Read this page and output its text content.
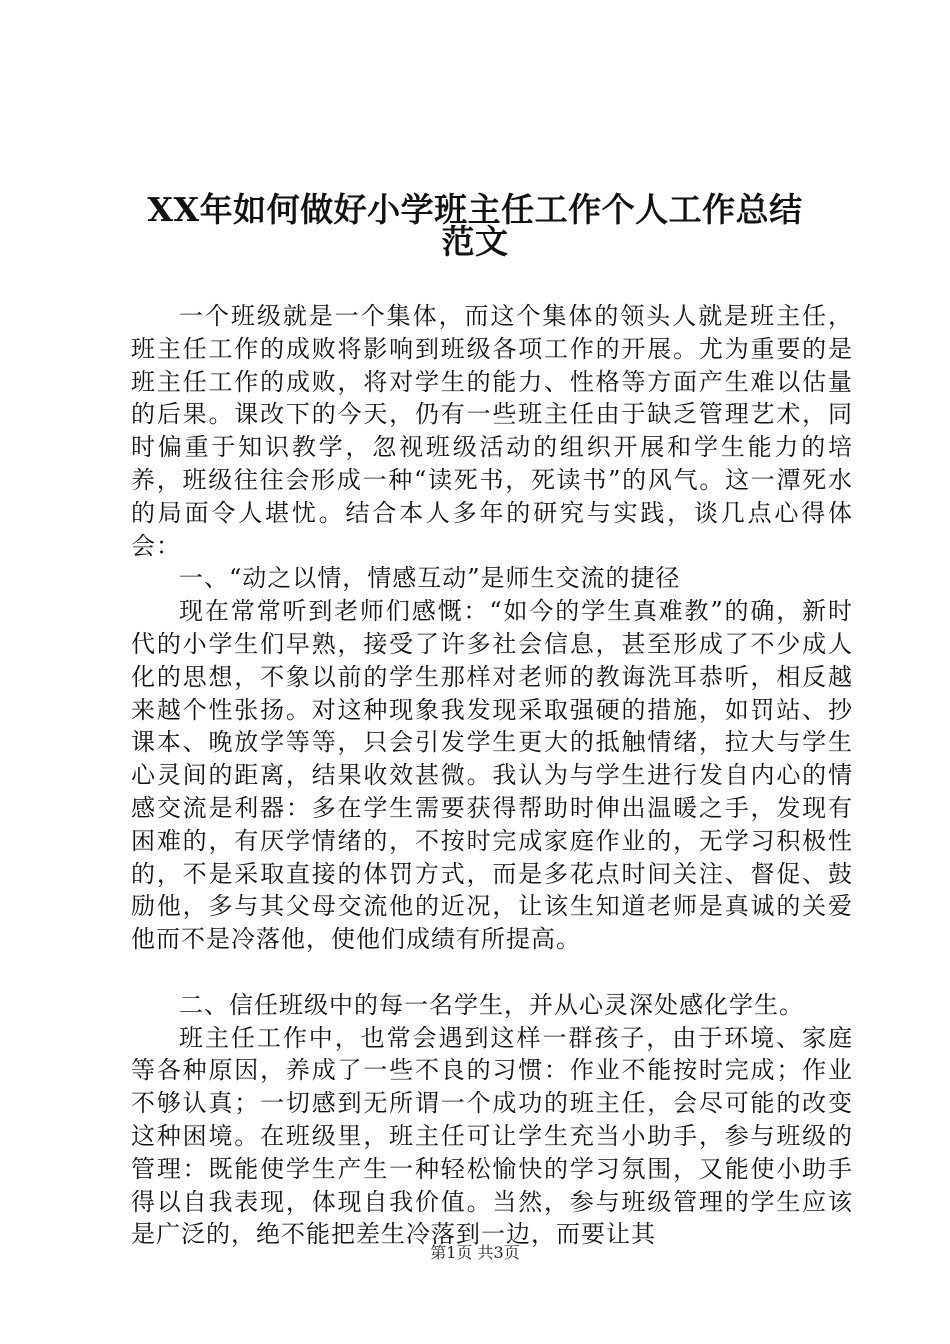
XX年如何做好小学班主任工作个人工作总结
范文

一个班级就是一个集体，而这个集体的领头人就是班主任，班主任工作的成败将影响到班级各项工作的开展。尤为重要的是班主任工作的成败，将对学生的能力、性格等方面产生难以估量的后果。课改下的今天，仍有一些班主任由于缺乏管理艺术，同时偏重于知识教学，忽视班级活动的组织开展和学生能力的培养，班级往往会形成一种“读死书，死读书”的风气。这一潭死水的局面令人堪忧。结合本人多年的研究与实践，谈几点心得体会：

一、“动之以情，情感互动”是师生交流的捷径

现在常常听到老师们感慨：“如今的学生真难教”的确，新时代的小学生们早熟，接受了许多社会信息，甚至形成了不少成人化的思想，不象以前的学生那样对老师的教诲洗耳恭听，相反越来越个性张扬。对这种现象我发现采取强硬的措施，如罚站、抄课本、晚放学等等，只会引发学生更大的抵触情绪，拉大与学生心灵间的距离，结果收效甚微。我认为与学生进行发自内心的情感交流是利器：多在学生需要获得帮助时伸出温暖之手，发现有困难的，有厌学情绪的，不按时完成家庭作业的，无学习积极性的，不是采取直接的体罚方式，而是多花点时间关注、督促、鼓励他，多与其父母交流他的近况，让该生知道老师是真诚的关爱他而不是冷落他，使他们成绩有所提高。

二、信任班级中的每一名学生，并从心灵深处感化学生。

班主任工作中，也常会遇到这样一群孩子，由于环境、家庭等各种原因，养成了一些不良的习惯：作业不能按时完成；作业不够认真；一切感到无所谓一个成功的班主任，会尽可能的改变这种困境。在班级里，班主任可让学生充当小助手，参与班级的管理：既能使学生产生一种轻松愉快的学习氛围，又能使小助手得以自我表现，体现自我价值。当然，参与班级管理的学生应该是广泛的，绝不能把差生冷落到一边，而要让其

第1页 共3页
